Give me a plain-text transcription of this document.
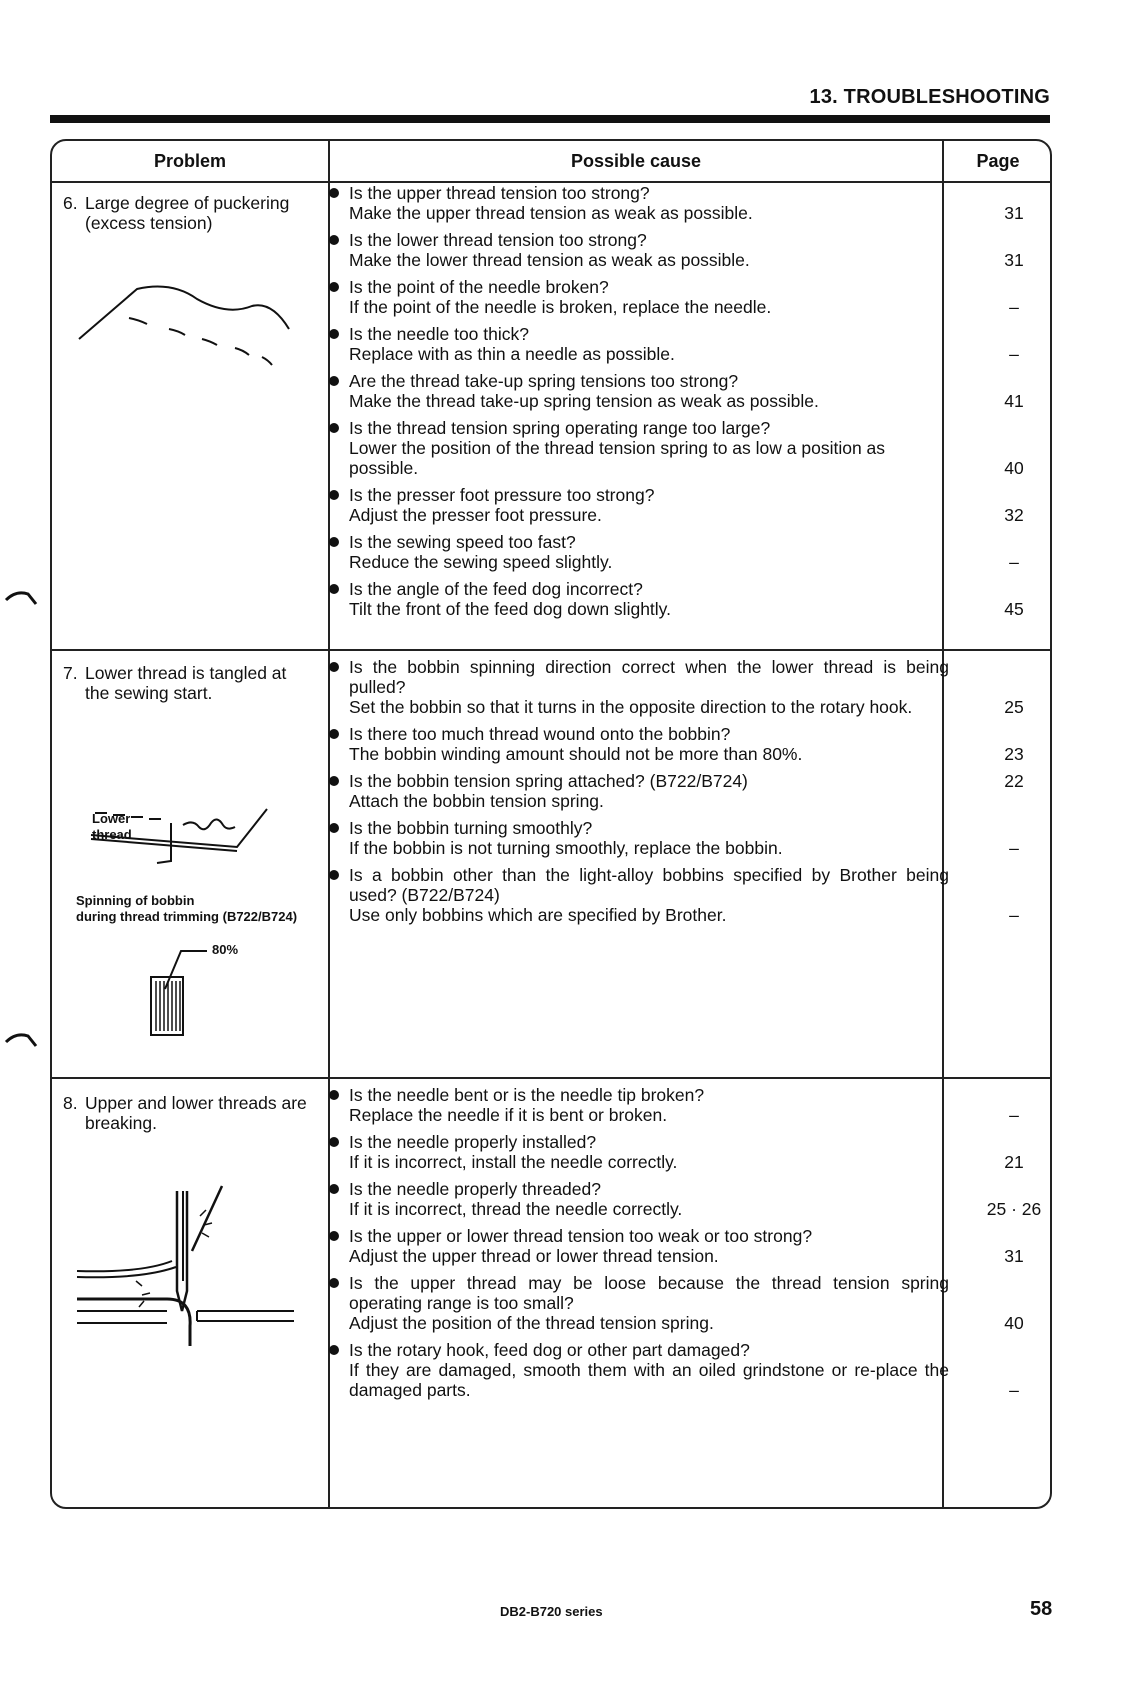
13. TROUBLESHOOTING
Problem	Possible cause	Page
6. Large degree of puckering (excess tension)
Is the upper thread tension too strong?
Make the upper thread tension as weak as possible.	31
Is the lower thread tension too strong?
Make the lower thread tension as weak as possible.	31
Is the point of the needle broken?
If the point of the needle is broken, replace the needle.	–
Is the needle too thick?
Replace with as thin a needle as possible.	–
Are the thread take-up spring tensions too strong?
Make the thread take-up spring tension as weak as possible.	41
Is the thread tension spring operating range too large?
Lower the position of the thread tension spring to as low a position as possible.	40
Is the presser foot pressure too strong?
Adjust the presser foot pressure.	32
Is the sewing speed too fast?
Reduce the sewing speed slightly.	–
Is the angle of the feed dog incorrect?
Tilt the front of the feed dog down slightly.	45
7. Lower thread is tangled at the sewing start.
Lower
thread
Spinning of bobbin
during thread trimming (B722/B724)
80%
Is the bobbin spinning direction correct when the lower thread is being pulled?
Set the bobbin so that it turns in the opposite direction to the rotary hook.	25
Is there too much thread wound onto the bobbin?
The bobbin winding amount should not be more than 80%.	23
Is the bobbin tension spring attached? (B722/B724)
Attach the bobbin tension spring.
22
Is the bobbin turning smoothly?
If the bobbin is not turning smoothly, replace the bobbin.	–
Is a bobbin other than the light-alloy bobbins specified by Brother being used? (B722/B724)
Use only bobbins which are specified by Brother.	–
8. Upper and lower threads are breaking.
Is the needle bent or is the needle tip broken?
Replace the needle if it is bent or broken.	–
Is the needle properly installed?
If it is incorrect, install the needle correctly.	21
Is the needle properly threaded?
If it is incorrect, thread the needle correctly.	25 · 26
Is the upper or lower thread tension too weak or too strong?
Adjust the upper thread or lower thread tension.	31
Is the upper thread may be loose because the thread tension spring operating range is too small?
Adjust the position of the thread tension spring.	40
Is the rotary hook, feed dog or other part damaged?
If they are damaged, smooth them with an oiled grindstone or re-place the damaged parts.	–
DB2-B720 series	58
